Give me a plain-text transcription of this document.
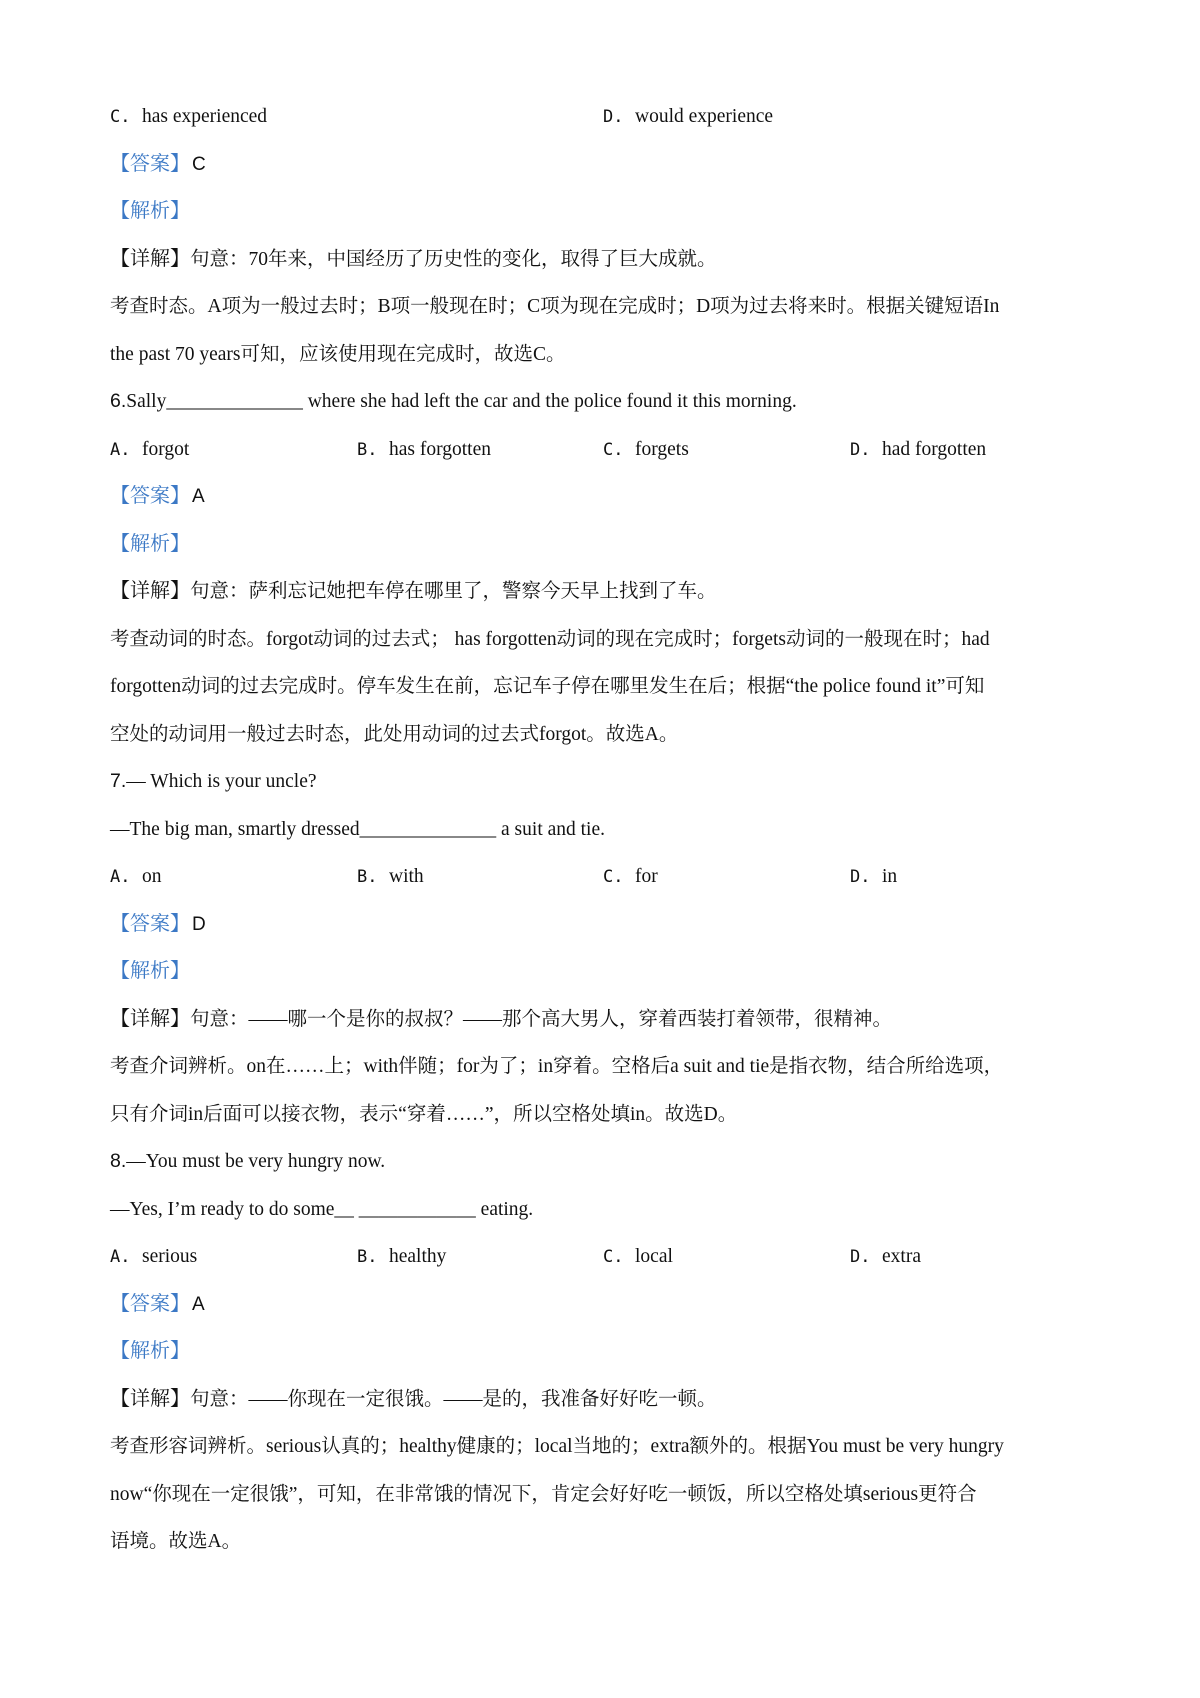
C. has experienced	D. would experience
【答案】 C
【解析】
【详解】句意：70年来，中国经历了历史性的变化，取得了巨大成就。
考查时态。A项为一般过去时；B项一般现在时；C项为现在完成时；D项为过去将来时。根据关键短语In
the past 70 years可知，应该使用现在完成时，故选C。
6.Sally______________ where she had left the car and the police found it this morning.
A. forgot	B. has forgotten	C. forgets	D. had forgotten
【答案】 A
【解析】
【详解】句意：萨利忘记她把车停在哪里了，警察今天早上找到了车。
考查动词的时态。forgot动词的过去式； has forgotten动词的现在完成时；forgets动词的一般现在时；had
forgotten动词的过去完成时。停车发生在前，忘记车子停在哪里发生在后；根据“the police found it”可知
空处的动词用一般过去时态，此处用动词的过去式forgot。故选A。
7.— Which is your uncle?
—The big man, smartly dressed______________ a suit and tie.
A. on	B. with	C. for	D. in
【答案】 D
【解析】
【详解】句意：——哪一个是你的叔叔？——那个高大男人，穿着西装打着领带，很精神。
考查介词辨析。on在……上；with伴随；for为了；in穿着。空格后a suit and tie是指衣物，结合所给选项，
只有介词in后面可以接衣物，表示“穿着……”，所以空格处填in。故选D。
8.—You must be very hungry now.
—Yes, I’m ready to do some__ ____________ eating.
A. serious	B. healthy	C. local	D. extra
【答案】 A
【解析】
【详解】句意：——你现在一定很饿。——是的，我准备好好吃一顿。
考查形容词辨析。serious认真的；healthy健康的；local当地的；extra额外的。根据You must be very hungry
now“你现在一定很饿”，可知，在非常饿的情况下，肯定会好好吃一顿饭，所以空格处填serious更符合
语境。故选A。
